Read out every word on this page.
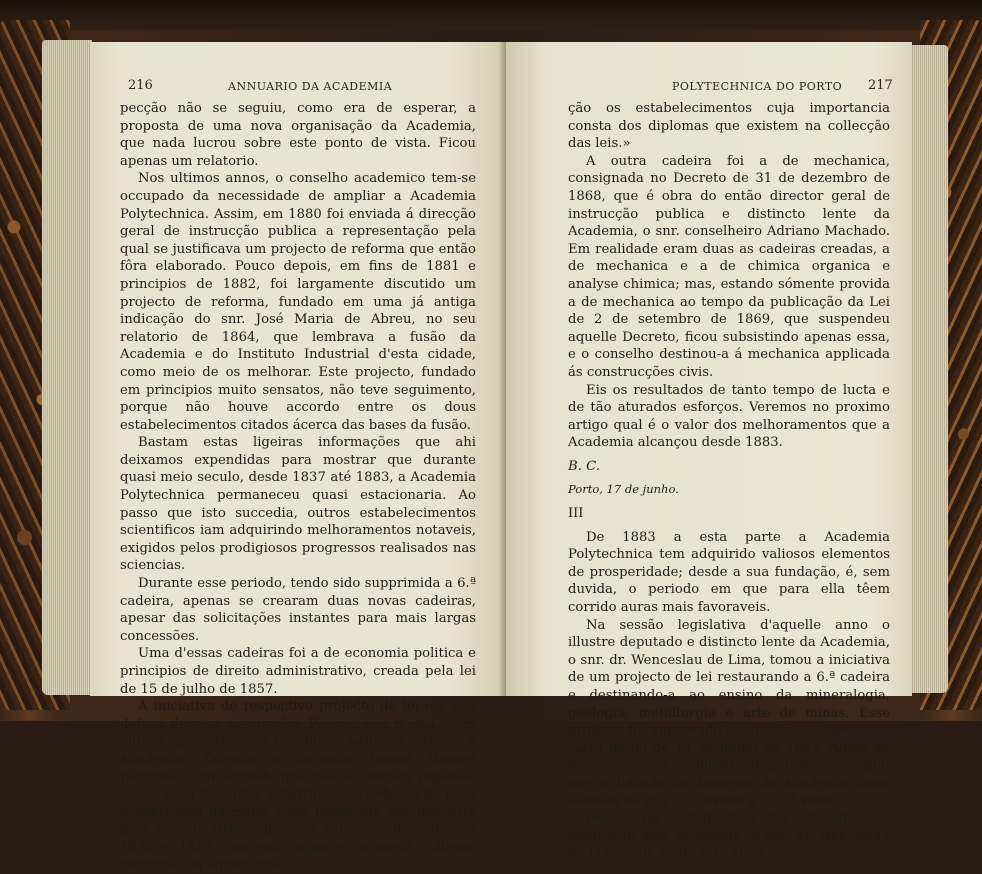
216	ANNUARIO DA ACADEMIA

pecção não se seguiu, como era de esperar, a proposta de uma nova organisação da Academia, que nada lucrou sobre este ponto de vista. Ficou apenas um relatorio.

Nos ultimos annos, o conselho academico tem-se occupado da necessidade de ampliar a Academia Polytechnica. Assim, em 1880 foi enviada á direcção geral de instrucção publica a representação pela qual se justificava um projecto de reforma que então fôra elaborado. Pouco depois, em fins de 1881 e principios de 1882, foi largamente discutido um projecto de reforma, fundado em uma já antiga indicação do snr. José Maria de Abreu, no seu relatorio de 1864, que lembrava a fusão da Academia e do Instituto Industrial d'esta cidade, como meio de os melhorar. Este projecto, fundado em principios muito sensatos, não teve seguimento, porque não houve accordo entre os dous estabelecimentos citados ácerca das bases da fusão.

Bastam estas ligeiras informações que ahi deixamos expendidas para mostrar que durante quasi meio seculo, desde 1837 até 1883, a Academia Polytechnica permaneceu quasi estacionaria. Ao passo que isto succedia, outros estabelecimentos scientificos iam adquirindo melhoramentos notaveis, exigidos pelos prodigiosos progressos realisados nas sciencias.

Durante esse periodo, tendo sido supprimida a 6.ª cadeira, apenas se crearam duas novas cadeiras, apesar das solicitações instantes para mais largas concessões.

Uma d'essas cadeiras foi a de economia politica e principios de direito administrativo, creada pela lei de 15 de julho de 1857.

A iniciativa do respectivo projecto de lei e a sua defeza deve-se aos irmãos Passos, que n'esta e em outras circumstancias prestaram valiosos serviços á Academia. Durante a discussão Passos Manoel recordou com verdade que não se deviam regatear meios para fomentar a instrucção. «Debaixo do peso e oppressão da maior crise financeira por que este paiz passou, disse elle com calor, eu decretei em 1836 e 1837 com mão larga e os meus collegas membros da administra-

POLYTECHNICA DO PORTO 217

ção os estabelecimentos cuja importancia consta dos diplomas que existem na collecção das leis.»

A outra cadeira foi a de mechanica, consignada no Decreto de 31 de dezembro de 1868, que é obra do então director geral de instrucção publica e distincto lente da Academia, o snr. conselheiro Adriano Machado. Em realidade eram duas as cadeiras creadas, a de mechanica e a de chimica organica e analyse chimica; mas, estando sómente provida a de mechanica ao tempo da publicação da Lei de 2 de setembro de 1869, que suspendeu aquelle Decreto, ficou subsistindo apenas essa, e o conselho destinou-a á mechanica applicada ás construcções civis.

Eis os resultados de tanto tempo de lucta e de tão aturados esforços. Veremos no proximo artigo qual é o valor dos melhoramentos que a Academia alcançou desde 1883.

B. C.

Porto, 17 de junho.

III

De 1883 a esta parte a Academia Polytechnica tem adquirido valiosos elementos de prosperidade; desde a sua fundação, é, sem duvida, o periodo em que para ella têem corrido auras mais favoraveis.

Na sessão legislativa d'aquelle anno o illustre deputado e distincto lente da Academia, o snr. dr. Wenceslau de Lima, tomou a iniciativa de um projecto de lei restaurando a 6.ª cadeira e destinando-a ao ensino da mineralogia, geologia, metallurgia e arte de minas. Esse projecto foi approvado e constitue o objecto da carta de lei de 14 de junho de 1883. Ainda na mesma sessão, o illustre deputado conseguiu que a dotação da despezas da Academia fosse elevada de réis 1:730$000 a 2:305$000.

Depois de testemunhos tão evidentes de dedicação pela Academia, o snr. dr. Wenceslau de Lima quiz ainda este anno
